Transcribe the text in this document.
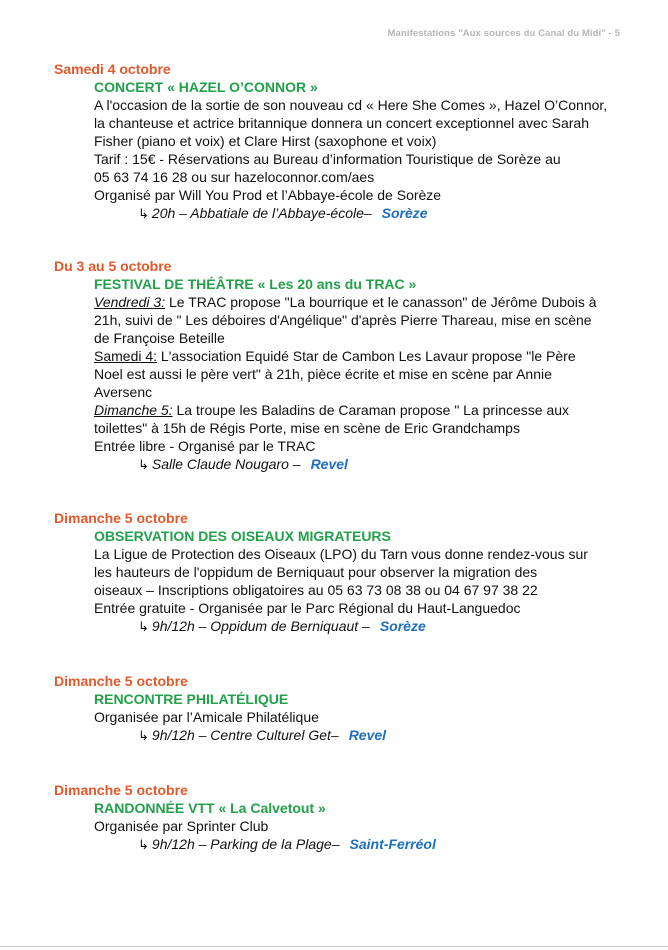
Manifestations "Aux sources du Canal du Midi" - 5
Samedi 4 octobre
CONCERT « HAZEL O’CONNOR »
A l'occasion de la sortie de son nouveau cd « Here She Comes », Hazel O’Connor,
la chanteuse et actrice britannique donnera un concert exceptionnel avec Sarah
Fisher (piano et voix) et Clare Hirst (saxophone et voix)
Tarif : 15€ - Réservations au Bureau d’information Touristique de Sorèze au
05 63 74 16 28 ou sur hazeloconnor.com/aes
Organisé par Will You Prod et l’Abbaye-école de Sorèze
↳ 20h – Abbatiale de l’Abbaye-école– Sorèze
Du 3 au 5 octobre
FESTIVAL DE THÉÂTRE « Les 20 ans du TRAC »
Vendredi 3: Le TRAC propose "La bourrique et le canasson" de Jérôme Dubois à
21h, suivi de " Les déboires d'Angélique" d'après Pierre Thareau, mise en scène
de Françoise Beteille
Samedi 4: L'association Equidé Star de Cambon Les Lavaur propose "le Père
Noel est aussi le père vert" à 21h, pièce écrite et mise en scène par Annie
Aversenc
Dimanche 5: La troupe les Baladins de Caraman propose " La princesse aux
toilettes" à 15h de Régis Porte, mise en scène de Eric Grandchamps
Entrée libre - Organisé par le TRAC
↳ Salle Claude Nougaro – Revel
Dimanche 5 octobre
OBSERVATION DES OISEAUX MIGRATEURS
La Ligue de Protection des Oiseaux (LPO) du Tarn vous donne rendez-vous sur
les hauteurs de l'oppidum de Berniquaut pour observer la migration des
oiseaux – Inscriptions obligatoires au 05 63 73 08 38 ou 04 67 97 38 22
Entrée gratuite - Organisée par le Parc Régional du Haut-Languedoc
↳ 9h/12h – Oppidum de Berniquaut – Sorèze
Dimanche 5 octobre
RENCONTRE PHILATÉLIQUE
Organisée par l’Amicale Philatélique
↳ 9h/12h – Centre Culturel Get– Revel
Dimanche 5 octobre
RANDONNÉE VTT « La Calvetout »
Organisée par Sprinter Club
↳ 9h/12h – Parking de la Plage– Saint-Ferréol
